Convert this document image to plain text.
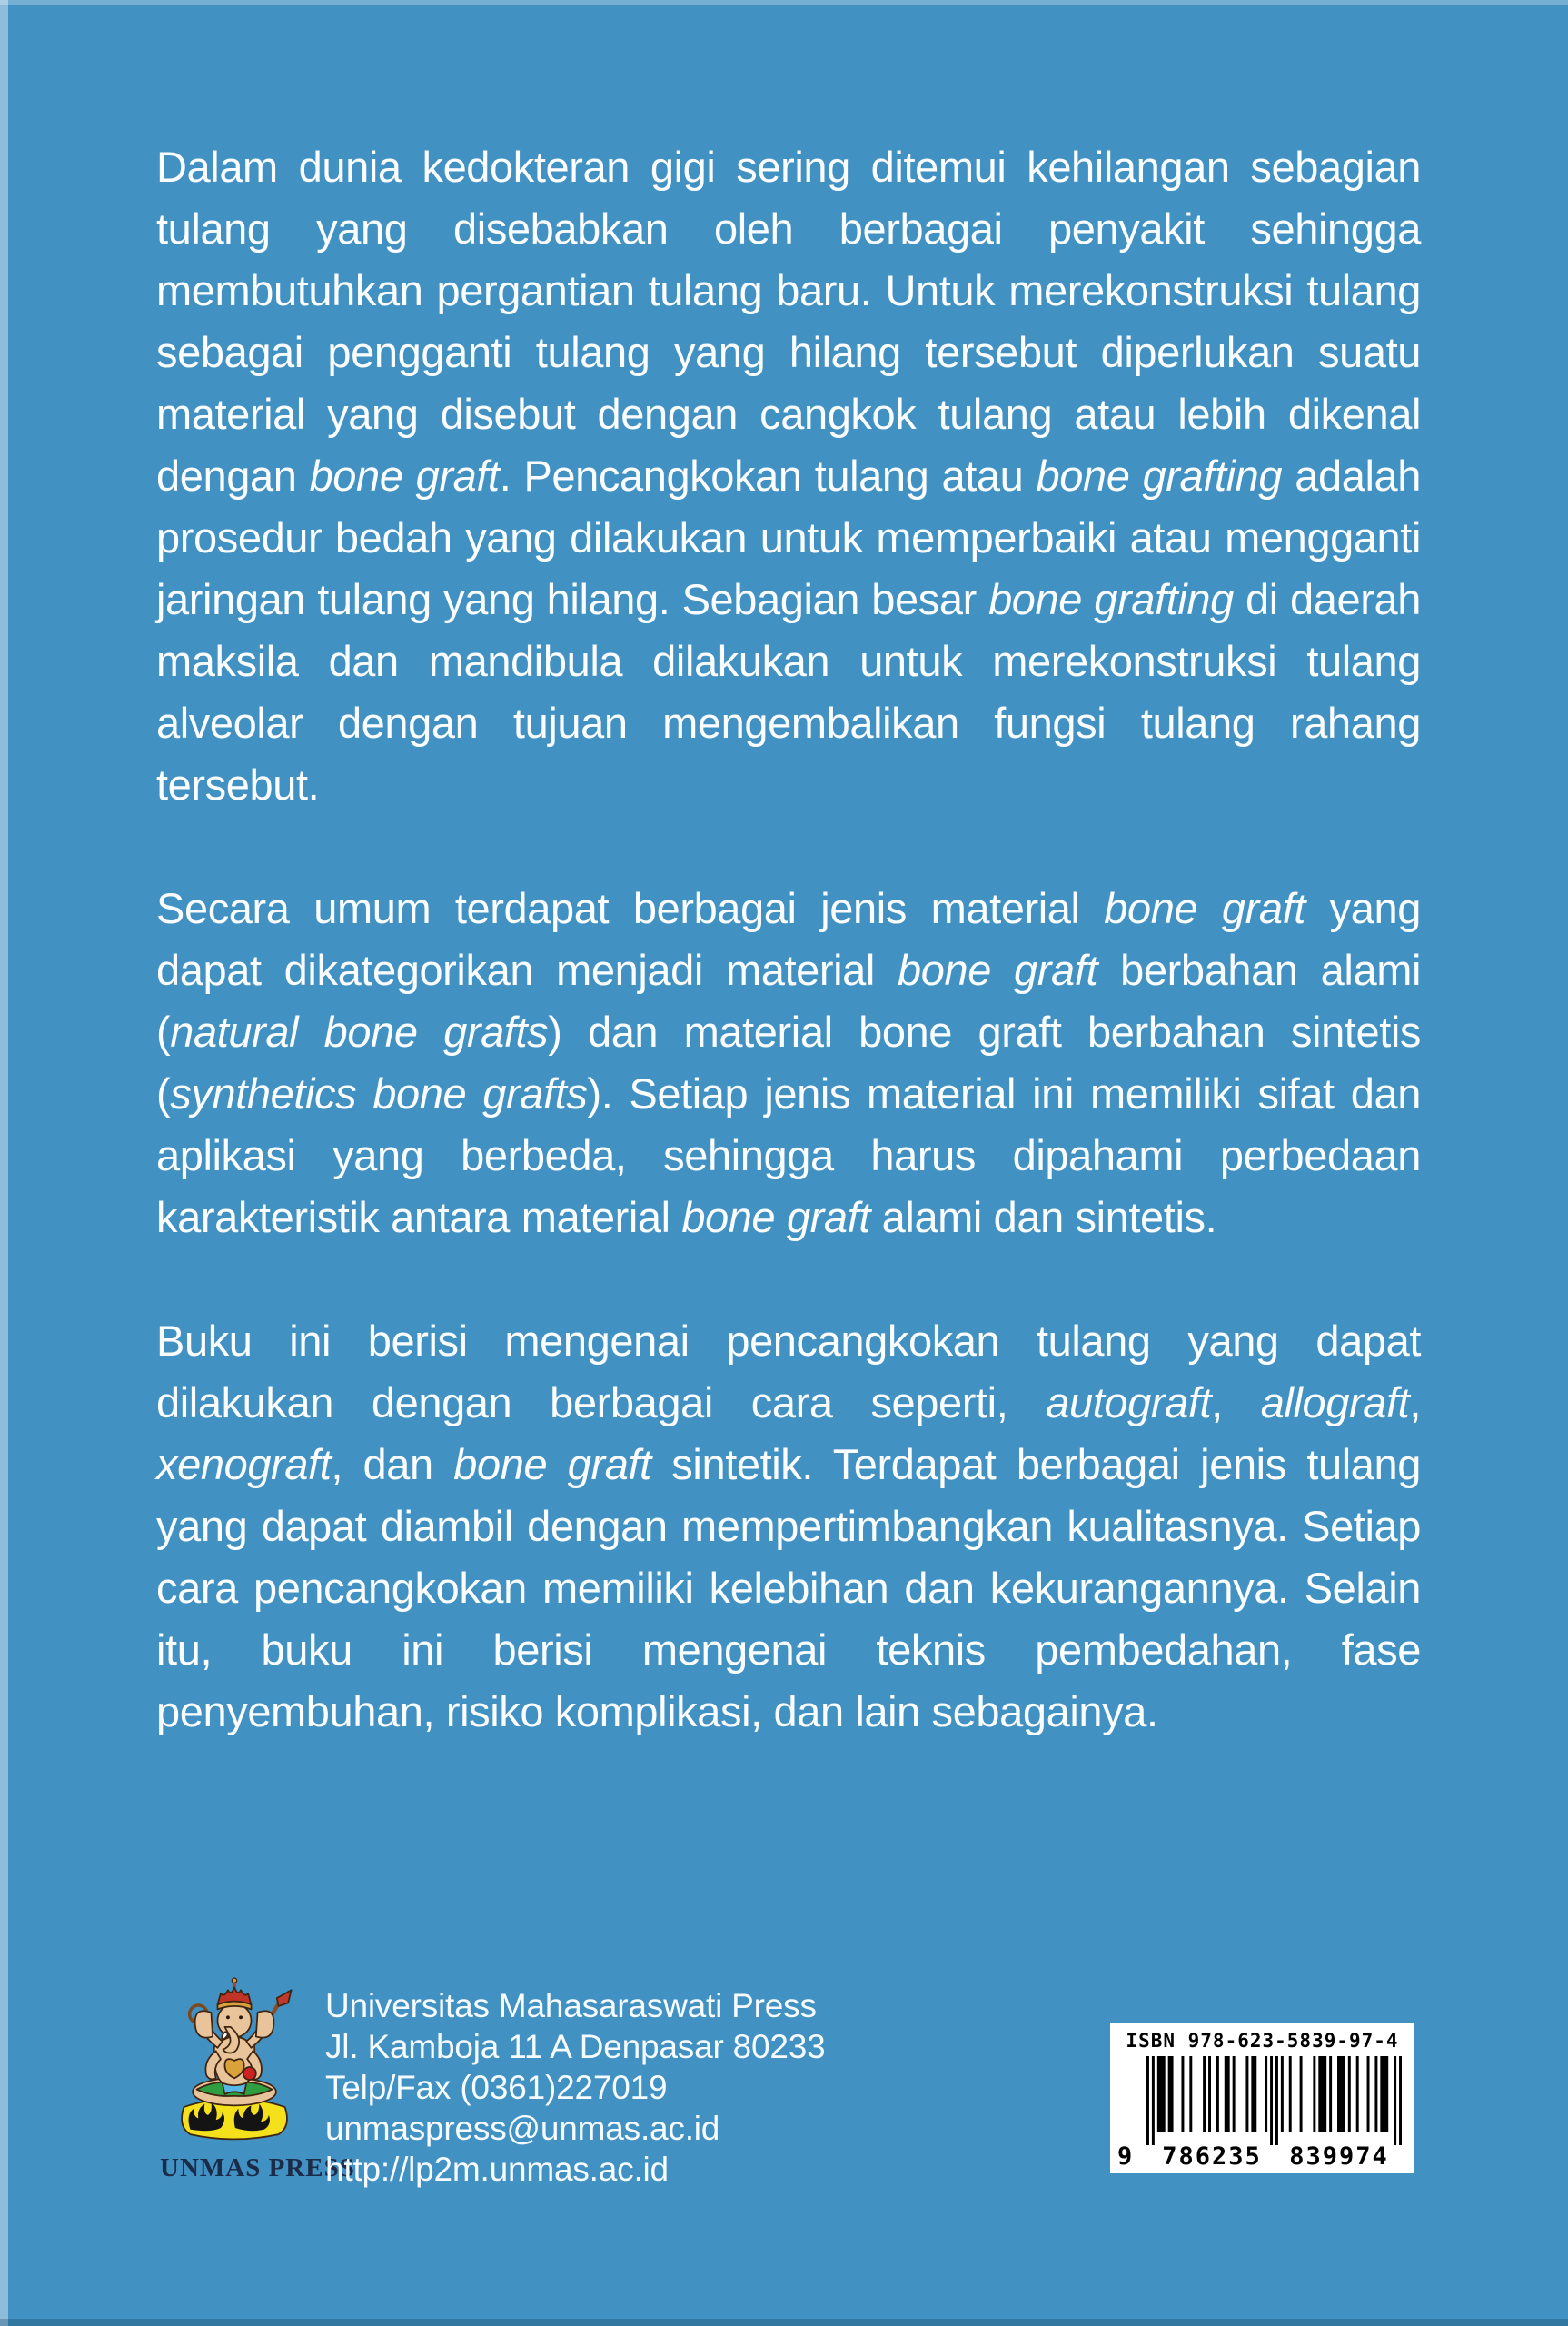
Dalam dunia kedokteran gigi sering ditemui kehilangan sebagian tulang yang disebabkan oleh berbagai penyakit sehingga membutuhkan pergantian tulang baru. Untuk merekonstruksi tulang sebagai pengganti tulang yang hilang tersebut diperlukan suatu material yang disebut dengan cangkok tulang atau lebih dikenal dengan bone graft. Pencangkokan tulang atau bone grafting adalah prosedur bedah yang dilakukan untuk memperbaiki atau mengganti jaringan tulang yang hilang. Sebagian besar bone grafting di daerah maksila dan mandibula dilakukan untuk merekonstruksi tulang alveolar dengan tujuan mengembalikan fungsi tulang rahang tersebut.

Secara umum terdapat berbagai jenis material bone graft yang dapat dikategorikan menjadi material bone graft berbahan alami (natural bone grafts) dan material bone graft berbahan sintetis (synthetics bone grafts). Setiap jenis material ini memiliki sifat dan aplikasi yang berbeda, sehingga harus dipahami perbedaan karakteristik antara material bone graft alami dan sintetis.

Buku ini berisi mengenai pencangkokan tulang yang dapat dilakukan dengan berbagai cara seperti, autograft, allograft, xenograft, dan bone graft sintetik. Terdapat berbagai jenis tulang yang dapat diambil dengan mempertimbangkan kualitasnya. Setiap cara pencangkokan memiliki kelebihan dan kekurangannya. Selain itu, buku ini berisi mengenai teknis pembedahan, fase penyembuhan, risiko komplikasi, dan lain sebagainya.

UNMAS PRESS
Universitas Mahasaraswati Press
Jl. Kamboja 11 A Denpasar 80233
Telp/Fax (0361)227019
unmaspress@unmas.ac.id
http://lp2m.unmas.ac.id
ISBN 978-623-5839-97-4
9 786235 839974
